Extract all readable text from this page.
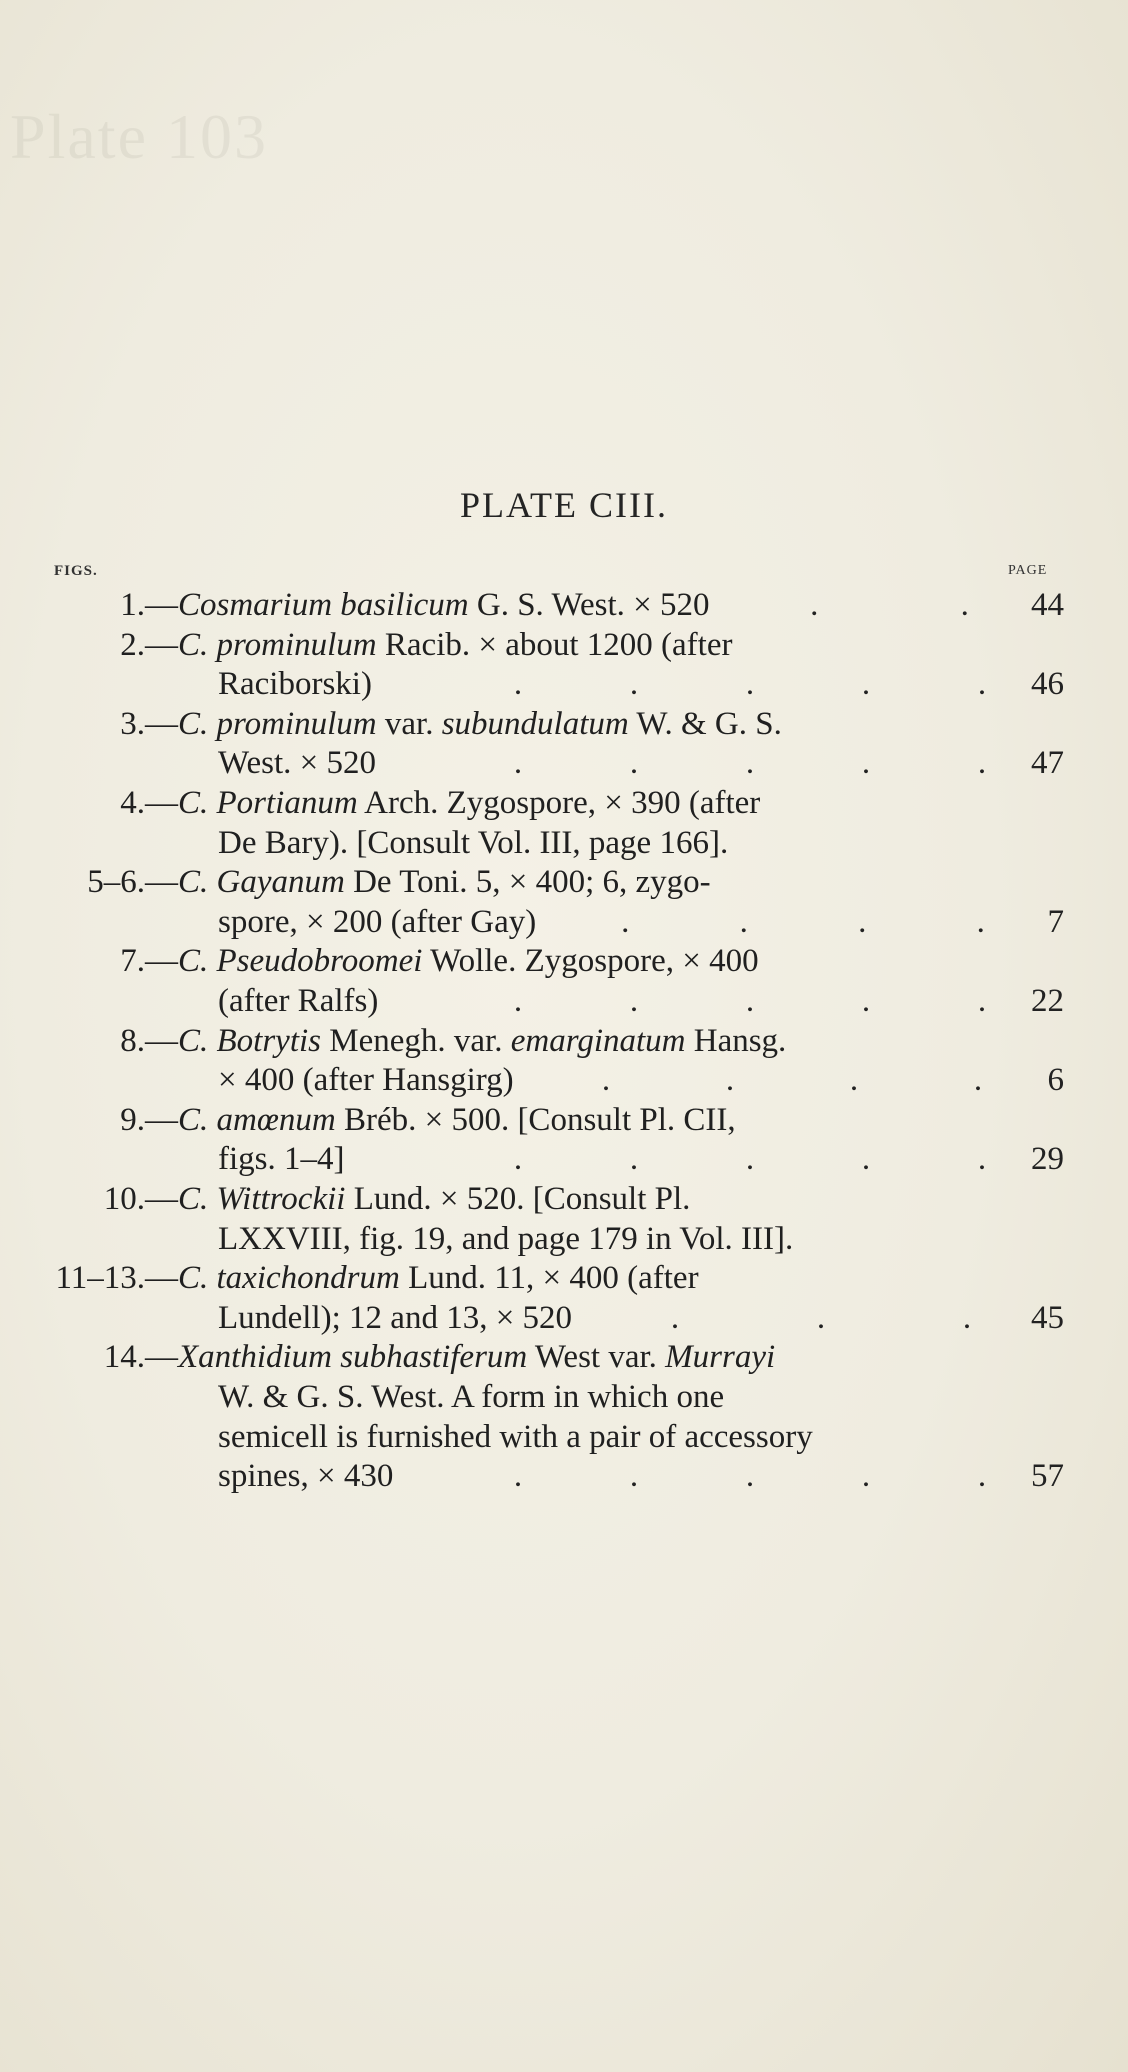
Plate 103
PLATE CIII.
FIGS.	PAGE
1.— Cosmarium basilicum G. S. West. × 520	.	.	44
2.— C. prominulum Racib. × about 1200 (after
Raciborski)	.	.	.	.	.	46
3.— C. prominulum var. subundulatum W. & G. S.
West. × 520	.	.	.	.	.	47
4.— C. Portianum Arch. Zygospore, × 390 (after
De Bary). [Consult Vol. III, page 166].
5–6.— C. Gayanum De Toni. 5, × 400; 6, zygo-
spore, × 200 (after Gay)	.	.	.	.	7
7.— C. Pseudobroomei Wolle. Zygospore, × 400
(after Ralfs)	.	.	.	.	.	22
8.— C. Botrytis Menegh. var. emarginatum Hansg.
× 400 (after Hansgirg)	.	.	.	.	6
9.— C. amœnum Bréb. × 500. [Consult Pl. CII,
figs. 1–4]	.	.	.	.	.	29
10.— C. Wittrockii Lund. × 520. [Consult Pl.
LXXVIII, fig. 19, and page 179 in Vol. III].
11–13.— C. taxichondrum Lund. 11, × 400 (after
Lundell); 12 and 13, × 520	.	.	.	45
14.— Xanthidium subhastiferum West var. Murrayi
W. & G. S. West. A form in which one
semicell is furnished with a pair of accessory
spines, × 430	.	.	.	.	.	57
